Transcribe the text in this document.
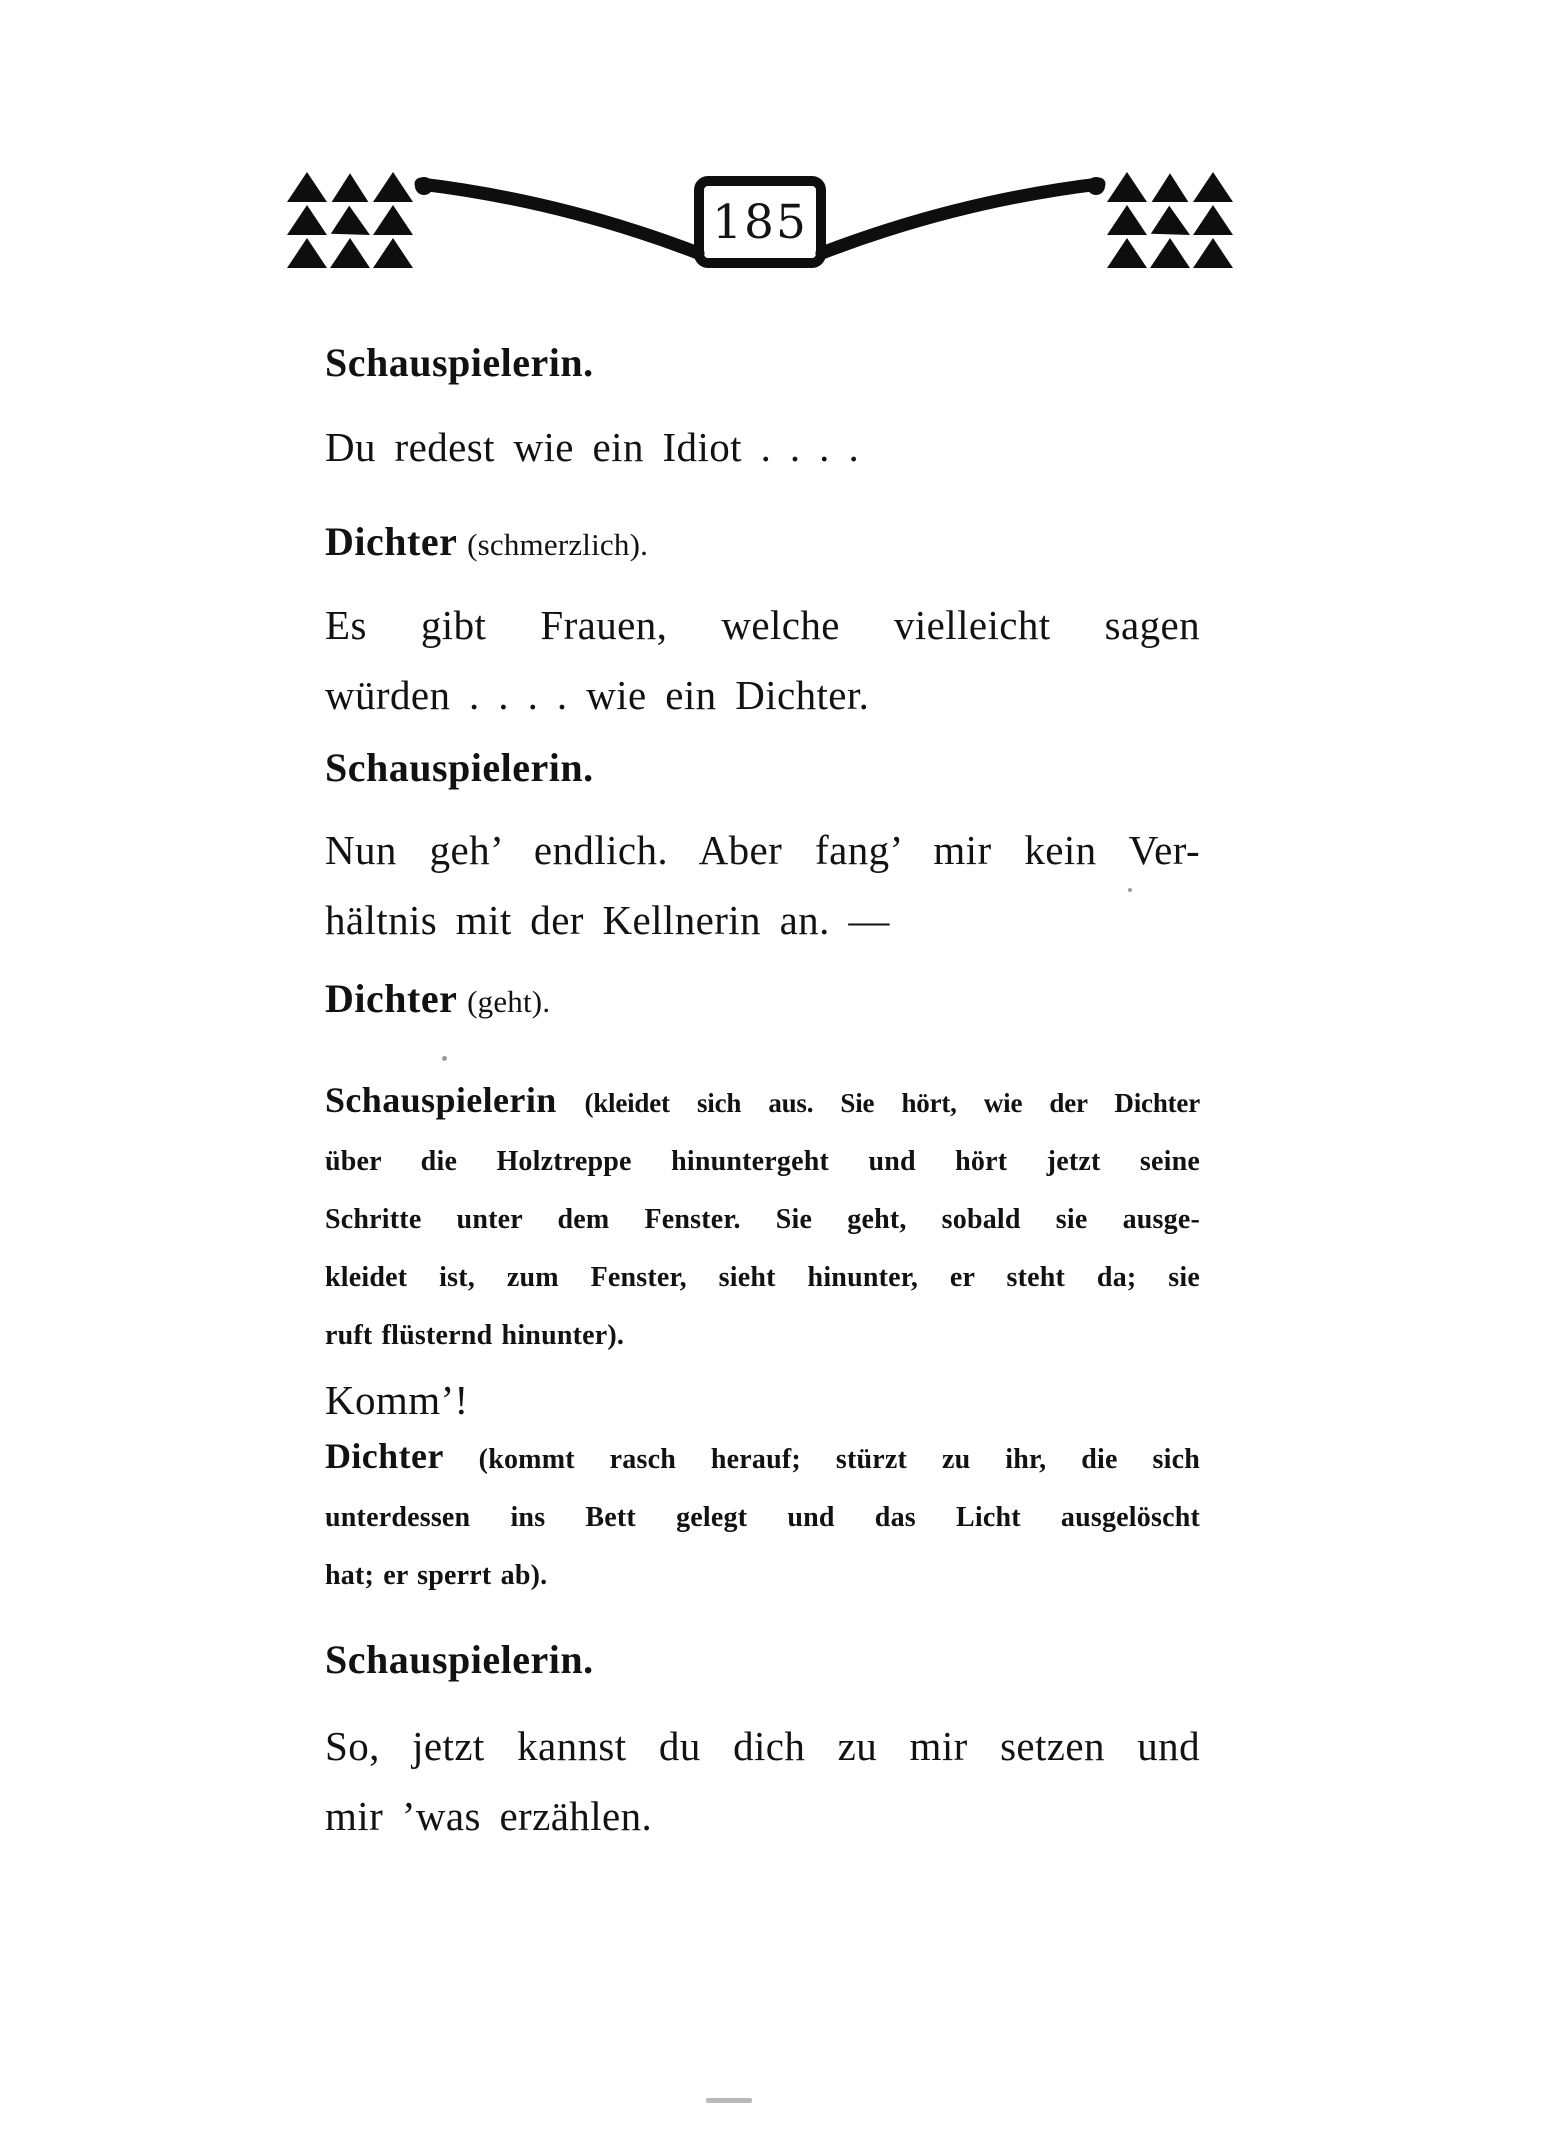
185
Schauspielerin.
Du redest wie ein Idiot . . . .
Dichter (schmerzlich).
Es gibt Frauen, welche vielleicht sagen
würden . . . . wie ein Dichter.
Schauspielerin.
Nun geh’ endlich. Aber fang’ mir kein Ver-
hältnis mit der Kellnerin an. —
Dichter (geht).
Schauspielerin (kleidet sich aus. Sie hört, wie der Dichter
über die Holztreppe hinuntergeht und hört jetzt seine
Schritte unter dem Fenster. Sie geht, sobald sie ausge-
kleidet ist, zum Fenster, sieht hinunter, er steht da; sie
ruft flüsternd hinunter).
Komm’!
Dichter (kommt rasch herauf; stürzt zu ihr, die sich
unterdessen ins Bett gelegt und das Licht ausgelöscht
hat; er sperrt ab).
Schauspielerin.
So, jetzt kannst du dich zu mir setzen und
mir ’was erzählen.
